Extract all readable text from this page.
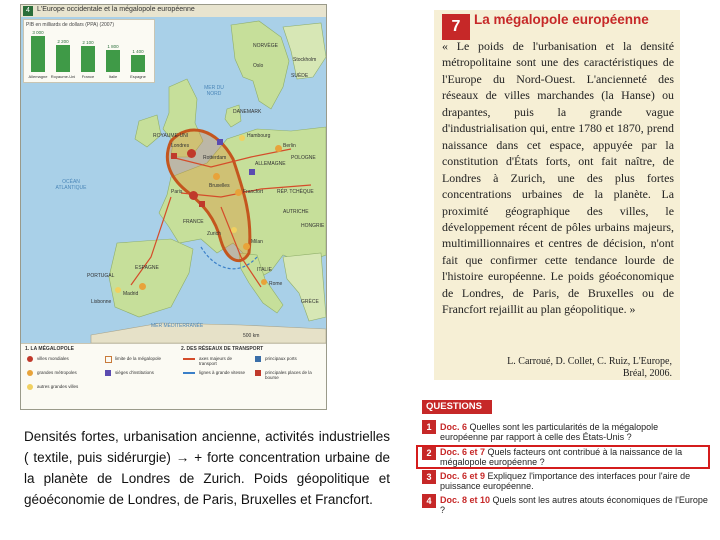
4	L'Europe occidentale et la mégalopole européenne
NORVÈGE
Oslo
Stockholm
SUÈDE
DANEMARK
ROYAUME-UNI
Londres
Rotterdam
Hambourg
Berlin
POLOGNE
ALLEMAGNE
Bruxelles
Francfort	RÉP. TCHÈQUE
Paris
AUTRICHE
HONGRIE
FRANCE
Zurich
Milan
ITALIE
Rome
GRÈCE
ESPAGNE
Madrid
PORTUGAL
Lisbonne
MER DU NORD
OCÉAN ATLANTIQUE
MER MÉDITERRANÉE
500 km
PIB en milliards de dollars (PPA) (2007)
3 000
Allemagne
2 200
Royaume-Uni
2 100
France
1 800
Italie
1 400
Espagne
1. LA MÉGALOPOLE	2. DES RÉSEAUX DE TRANSPORT
villes mondiales	limite de la mégalopole
grandes métropoles	sièges d'institutions
autres grandes villes
axes majeurs de transport
lignes à grande vitesse
principaux ports
principales places de la bourse
Densités fortes, urbanisation ancienne, activités industrielles ( textile, puis sidérurgie) → + forte concentration urbaine de la planète de Londres de Zurich. Poids géopolitique et géoéconomie de Londres, de Paris, Bruxelles et Francfort.
7	La mégalopole européenne
« Le poids de l'urbanisation et la densité métropolitaine sont une des caractéristiques de l'Europe du Nord-Ouest. L'ancienneté des réseaux de villes marchandes (la Hanse) ou drapantes, puis la grande vague d'industrialisation qui, entre 1780 et 1870, prend naissance dans cet espace, appuyée par la constitution d'États forts, ont fait naître, de Londres à Zurich, une des plus fortes concentrations urbaines de la planète. La proximité géographique des villes, le développement récent de pôles urbains majeurs, multimillionnaires et centres de décision, n'ont fait que confirmer cette tendance lourde de l'histoire européenne. Le poids géoéconomique de Londres, de Paris, de Bruxelles ou de Francfort rejaillit au plan géopolitique. »
L. Carroué, D. Collet, C. Ruiz, L'Europe,
Bréal, 2006.
QUESTIONS
1 Doc. 6 Quelles sont les particularités de la mégalopole européenne par rapport à celle des États-Unis ?
2 Doc. 6 et 7 Quels facteurs ont contribué à la naissance de la mégalopole européenne ?
3 Doc. 6 et 9 Expliquez l'importance des interfaces pour l'aire de puissance européenne.
4 Doc. 8 et 10 Quels sont les autres atouts économiques de l'Europe ?
